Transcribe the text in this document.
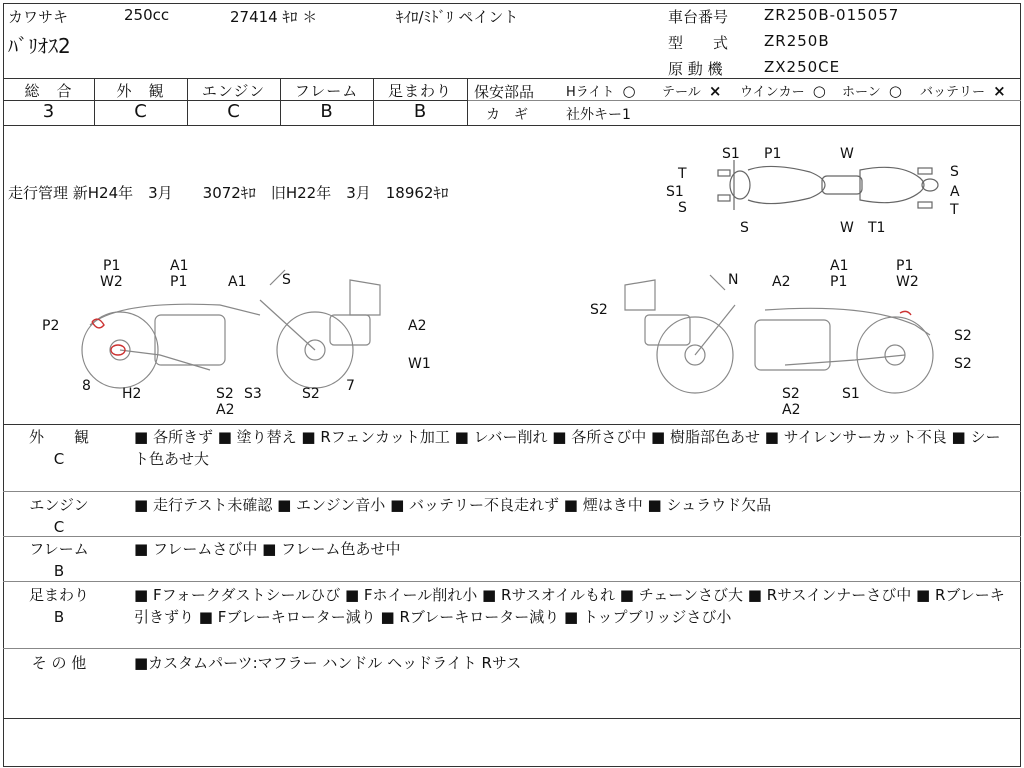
カワサキ	250cc	27414 ｷﾛ ＊	ｷｲﾛ/ﾐﾄﾞﾘ ペイント
ﾊﾞﾘｵｽ2
車台番号 ZR250B-015057
型　　式 ZR250B
原 動 機	ZX250CE
総　合	外　観	エンジン	フレーム	足まわり
3	C	C	B	B
保安部品 Hライト ○ テール × ウインカー ○ ホーン ○ バッテリー ×
カ　ギ	社外キー1
走行管理 新H24年　3月　　3072ｷﾛ　旧H22年　3月　18962ｷﾛ
S1 P1	W
T
S1
S
S
S
A
T
W T1
P1	A1
W2	P1	A1	S
P2	A2
W1
8	7
H2	S2 S3	S2
A2
N
A1
P1
A2
P1
W2
S2
S2
S2
S2	S1
A2
外　　観
C
■ 各所きず ■ 塗り替え ■ Rフェンカット加工 ■ レバー削れ ■ 各所さび中 ■ 樹脂部色あせ ■ サイレンサーカット不良 ■ シート色あせ大
エンジン
C
■ 走行テスト未確認 ■ エンジン音小 ■ バッテリー不良走れず ■ 煙はき中 ■ シュラウド欠品
フレーム
B
■ フレームさび中 ■ フレーム色あせ中
足まわり
B
■ Fフォークダストシールひび ■ Fホイール削れ小 ■ Rサスオイルもれ ■ チェーンさび大 ■ Rサスインナーさび中 ■ Rブレーキ引きずり ■ Fブレーキローター減り ■ Rブレーキローター減り ■ トップブリッジさび小
そ の 他	■カスタムパーツ:マフラー ハンドル ヘッドライト Rサス
